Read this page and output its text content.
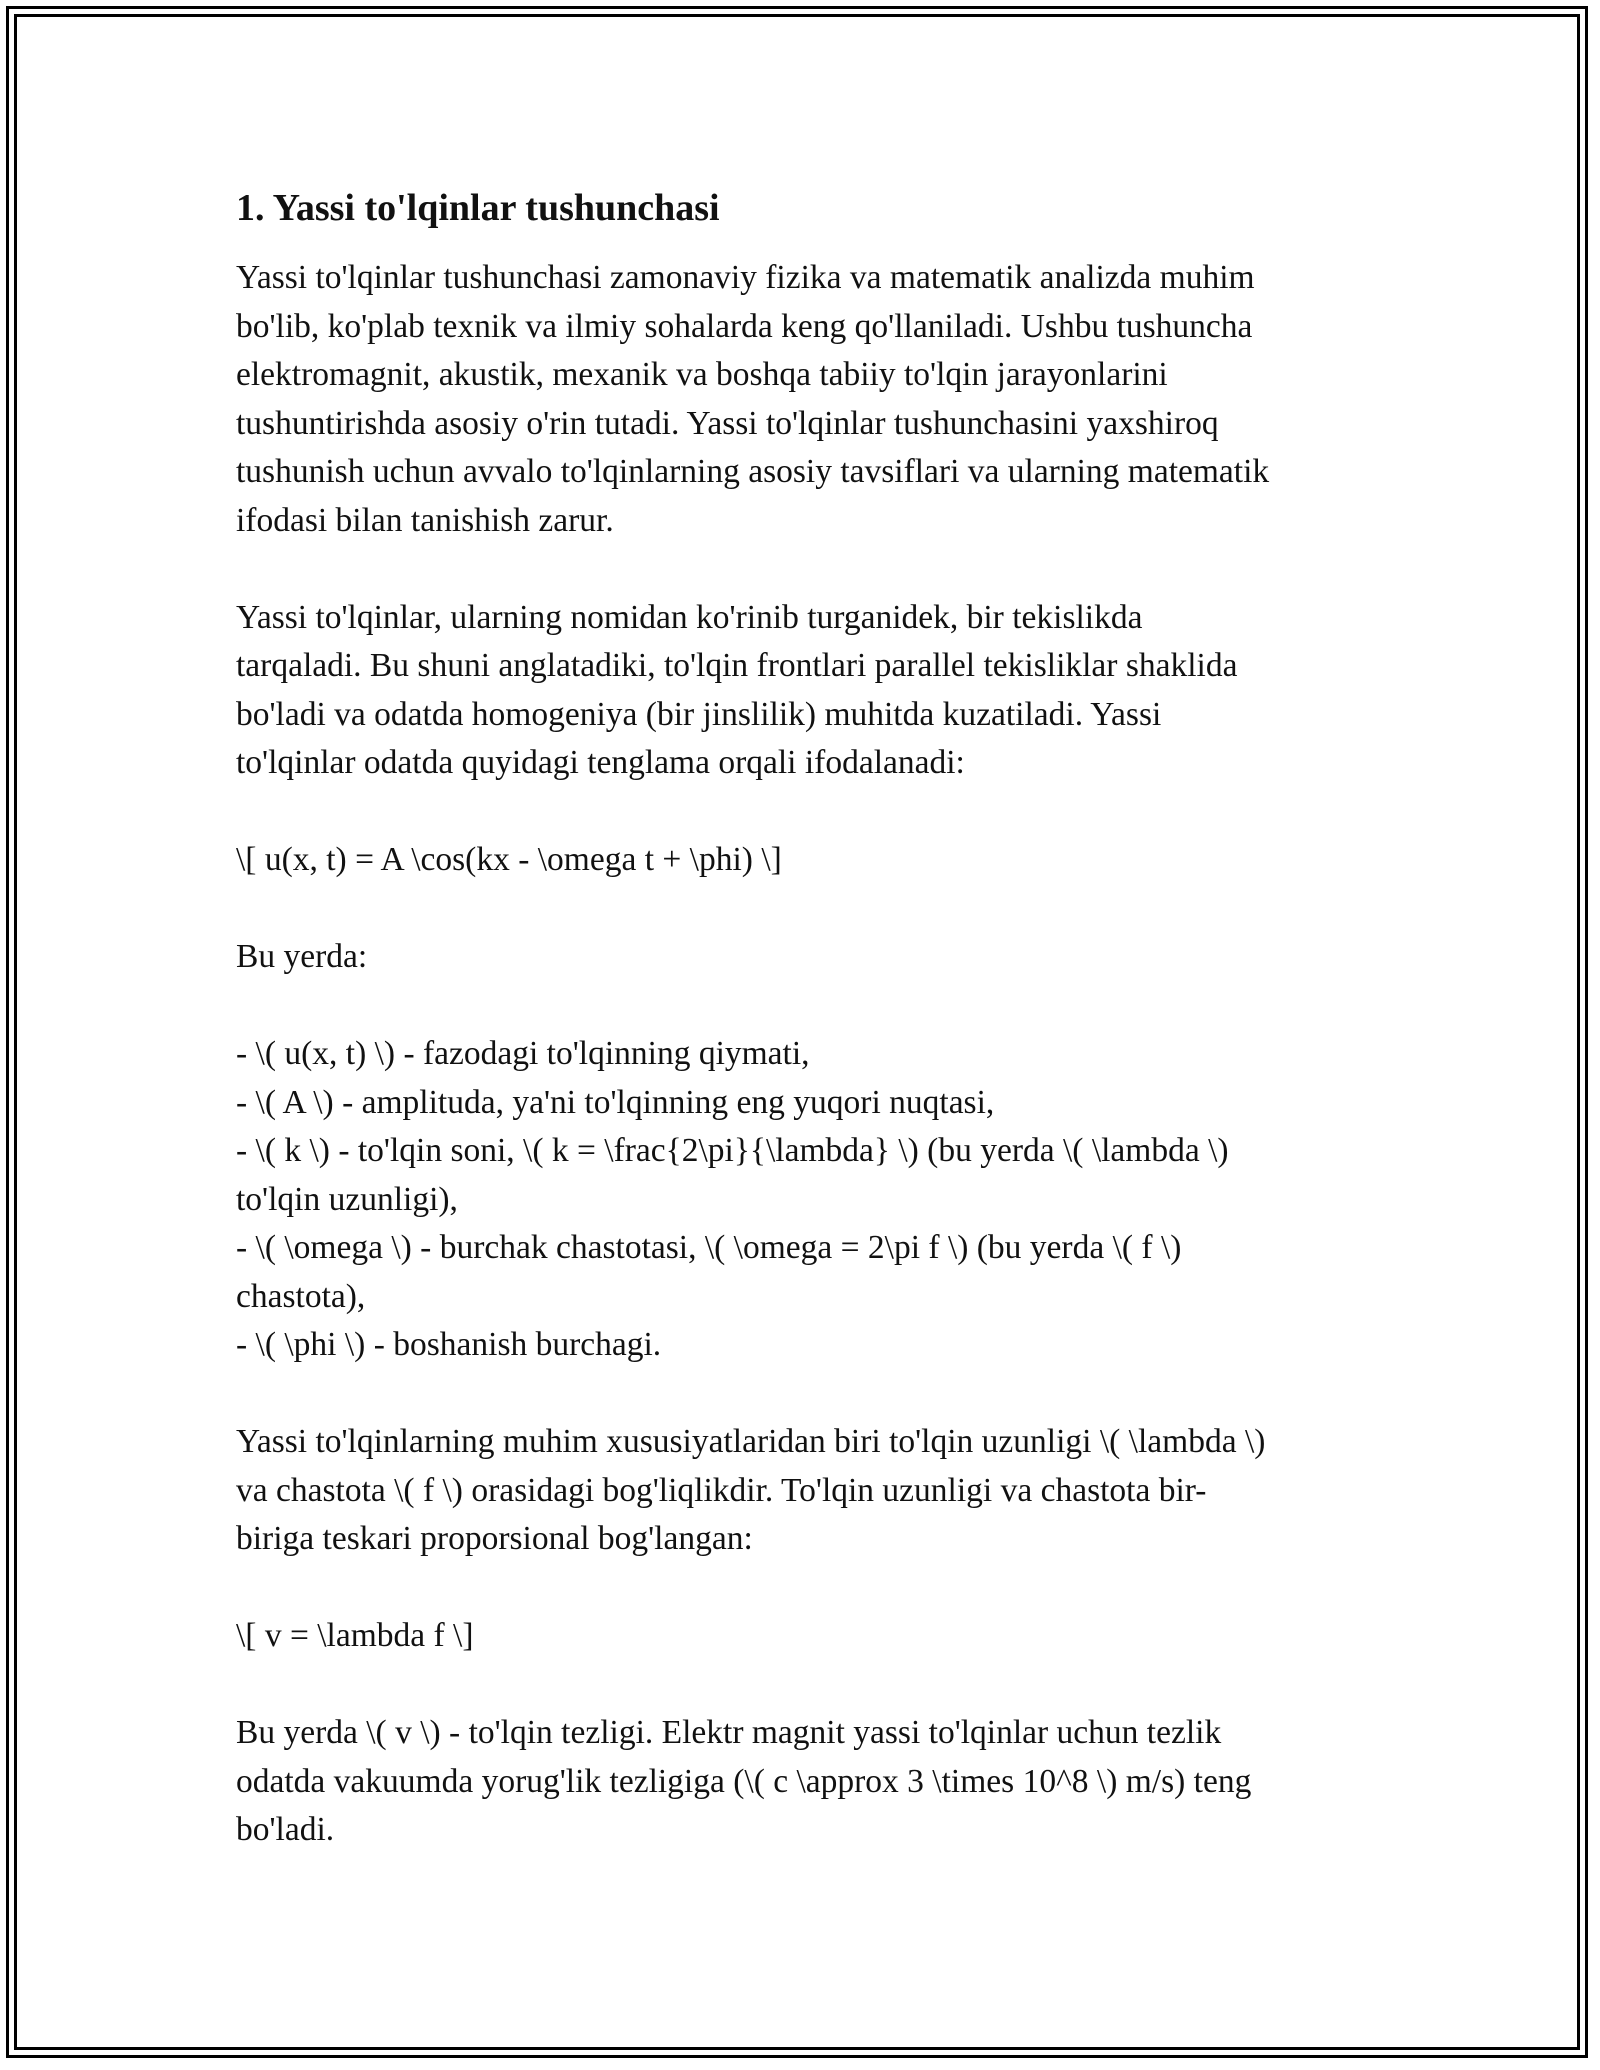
1. Yassi to'lqinlar tushunchasi

Yassi to'lqinlar tushunchasi zamonaviy fizika va matematik analizda muhim
bo'lib, ko'plab texnik va ilmiy sohalarda keng qo'llaniladi. Ushbu tushuncha
elektromagnit, akustik, mexanik va boshqa tabiiy to'lqin jarayonlarini
tushuntirishda asosiy o'rin tutadi. Yassi to'lqinlar tushunchasini yaxshiroq
tushunish uchun avvalo to'lqinlarning asosiy tavsiflari va ularning matematik
ifodasi bilan tanishish zarur.

Yassi to'lqinlar, ularning nomidan ko'rinib turganidek, bir tekislikda
tarqaladi. Bu shuni anglatadiki, to'lqin frontlari parallel tekisliklar shaklida
bo'ladi va odatda homogeniya (bir jinslilik) muhitda kuzatiladi. Yassi
to'lqinlar odatda quyidagi tenglama orqali ifodalanadi:

\[ u(x, t) = A \cos(kx - \omega t + \phi) \]

Bu yerda:

- \( u(x, t) \) - fazodagi to'lqinning qiymati,
- \( A \) - amplituda, ya'ni to'lqinning eng yuqori nuqtasi,
- \( k \) - to'lqin soni, \( k = \frac{2\pi}{\lambda} \) (bu yerda \( \lambda \)
to'lqin uzunligi),
- \( \omega \) - burchak chastotasi, \( \omega = 2\pi f \) (bu yerda \( f \)
chastota),
- \( \phi \) - boshanish burchagi.

Yassi to'lqinlarning muhim xususiyatlaridan biri to'lqin uzunligi \( \lambda \)
va chastota \( f \) orasidagi bog'liqlikdir. To'lqin uzunligi va chastota bir-
biriga teskari proporsional bog'langan:

\[ v = \lambda f \]

Bu yerda \( v \) - to'lqin tezligi. Elektr magnit yassi to'lqinlar uchun tezlik
odatda vakuumda yorug'lik tezligiga (\( c \approx 3 \times 10^8 \) m/s) teng
bo'ladi.
